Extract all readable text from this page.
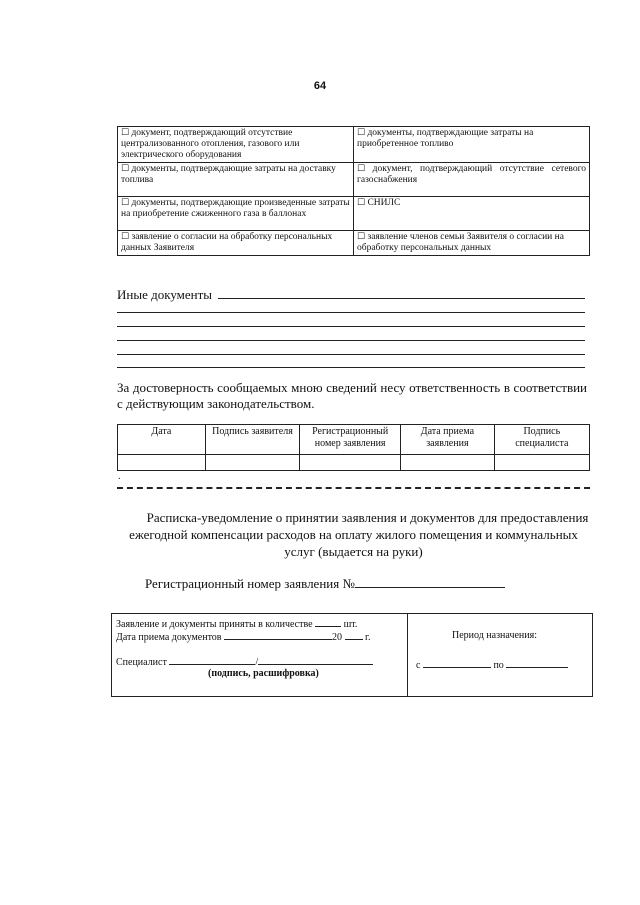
64
☐ документ, подтверждающий отсутствие централизованного отопления, газового или электрического оборудования	☐ документы, подтверждающие затраты на приобретенное топливо
☐ документы, подтверждающие затраты на доставку топлива	☐ документ, подтверждающий отсутствие сетевого газоснабжения
☐ документы, подтверждающие произведенные затраты на приобретение сжиженного газа в баллонах	☐ СНИЛС
☐ заявление о согласии на обработку персональных данных Заявителя	☐ заявление членов семьи Заявителя о согласии на обработку персональных данных
Иные документы
За достоверность сообщаемых мною сведений несу ответственность в соответствии с действующим законодательством.
Дата	Подпись заявителя	Регистрационный номер заявления	Дата приема заявления	Подпись специалиста

.
Расписка-уведомление о принятии заявления и документов для предоставления ежегодной компенсации расходов на оплату жилого помещения и коммунальных услуг (выдается на руки)
Регистрационный номер заявления №
Заявление и документы приняты в количестве	шт.
Дата приема документов	20 г.
Специалист	/
(подпись, расшифровка)
Период назначения:
с	по
